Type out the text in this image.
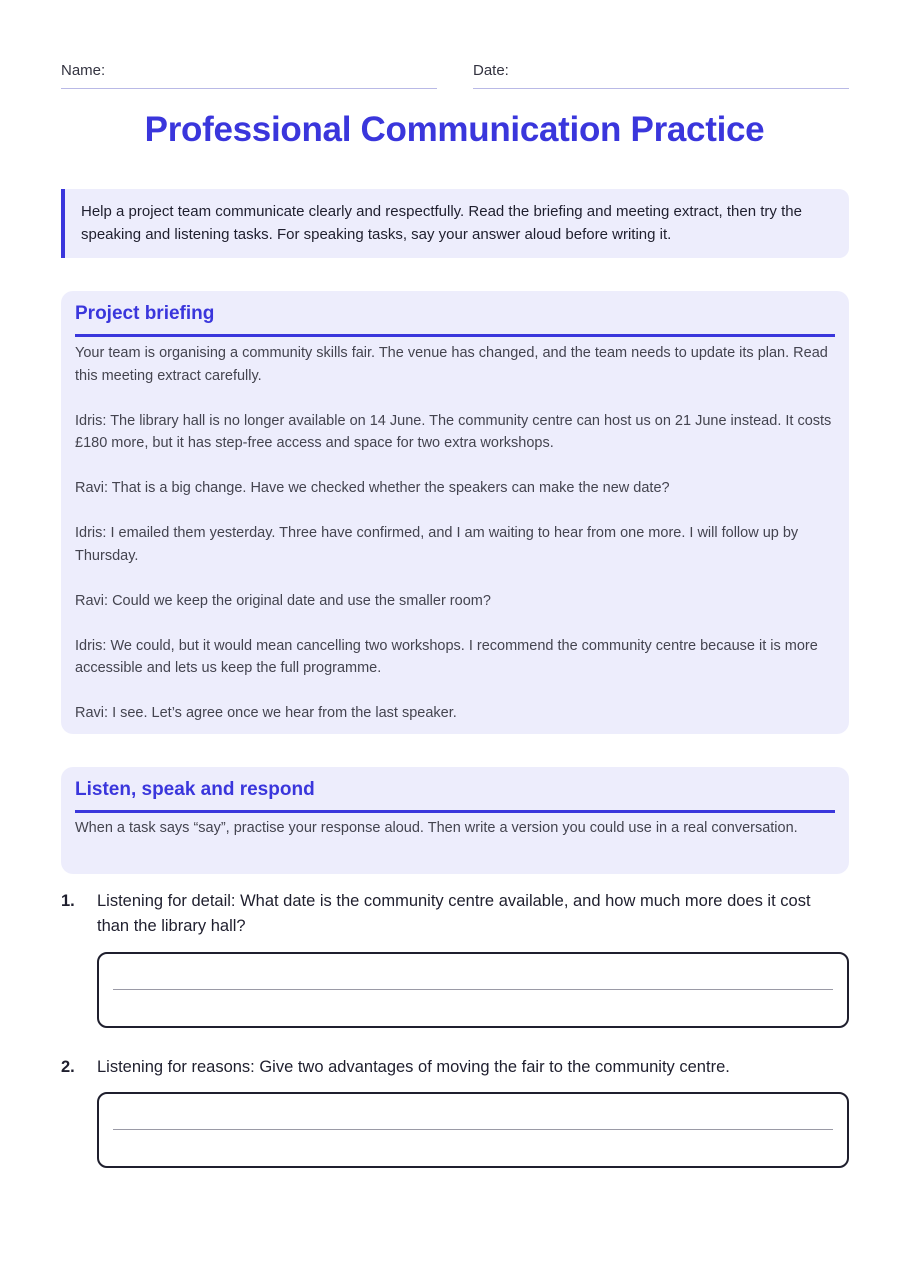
Name:	Date:
Professional Communication Practice
Help a project team communicate clearly and respectfully. Read the briefing and meeting extract, then try the speaking and listening tasks. For speaking tasks, say your answer aloud before writing it.
Project briefing

Your team is organising a community skills fair. The venue has changed, and the team needs to update its plan. Read this meeting extract carefully.

Idris: The library hall is no longer available on 14 June. The community centre can host us on 21 June instead. It costs £180 more, but it has step-free access and space for two extra workshops.

Ravi: That is a big change. Have we checked whether the speakers can make the new date?

Idris: I emailed them yesterday. Three have confirmed, and I am waiting to hear from one more. I will follow up by Thursday.

Ravi: Could we keep the original date and use the smaller room?

Idris: We could, but it would mean cancelling two workshops. I recommend the community centre because it is more accessible and lets us keep the full programme.

Ravi: I see. Let’s agree once we hear from the last speaker.

Listen, speak and respond
When a task says “say”, practise your response aloud. Then write a version you could use in a real conversation.
1. Listening for detail: What date is the community centre available, and how much more does it cost than the library hall?
2. Listening for reasons: Give two advantages of moving the fair to the community centre.
